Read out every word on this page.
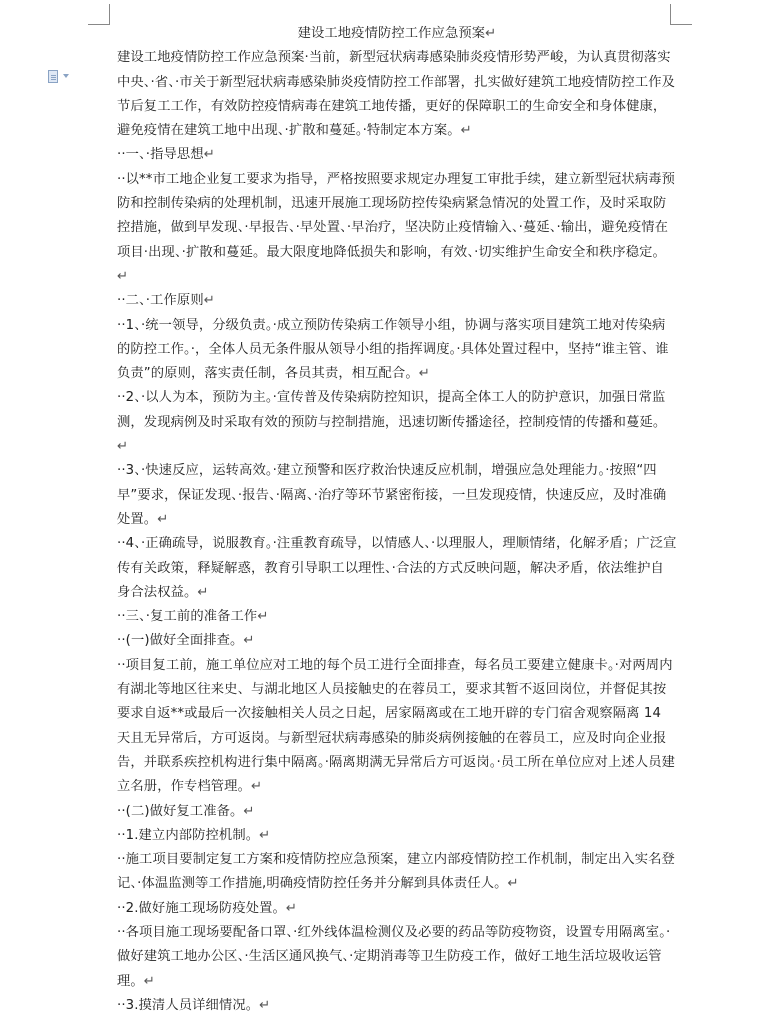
建设工地疫情防控工作应急预案↵

建设工地疫情防控工作应急预案·当前，新型冠状病毒感染肺炎疫情形势严峻，为认真贯彻落实中央、·省、·市关于新型冠状病毒感染肺炎疫情防控工作部署，扎实做好建筑工地疫情防控工作及节后复工工作，有效防控疫情病毒在建筑工地传播，更好的保障职工的生命安全和身体健康，避免疫情在建筑工地中出现、·扩散和蔓延。·特制定本方案。↵

··一、·指导思想↵

··以**市工地企业复工要求为指导，严格按照要求规定办理复工审批手续，建立新型冠状病毒预防和控制传染病的处理机制，迅速开展施工现场防控传染病紧急情况的处置工作，及时采取防控措施，做到早发现、·早报告、·早处置、·早治疗，坚决防止疫情输入、·蔓延、·输出，避免疫情在项目·出现、·扩散和蔓延。最大限度地降低损失和影响，有效、·切实维护生命安全和秩序稳定。↵

··二、·工作原则↵

··1、·统一领导，分级负责。·成立预防传染病工作领导小组，协调与落实项目建筑工地对传染病的防控工作。·，全体人员无条件服从领导小组的指挥调度。·具体处置过程中，坚持“谁主管、谁负责”的原则，落实责任制，各员其责，相互配合。↵

··2、·以人为本，预防为主。·宣传普及传染病防控知识，提高全体工人的防护意识，加强日常监测，发现病例及时采取有效的预防与控制措施，迅速切断传播途径，控制疫情的传播和蔓延。↵

··3、·快速反应，运转高效。·建立预警和医疗救治快速反应机制，增强应急处理能力。·按照“四早”要求，保证发现、·报告、·隔离、·治疗等环节紧密衔接，一旦发现疫情，快速反应，及时准确处置。↵

··4、·正确疏导，说服教育。·注重教育疏导，以情感人、·以理服人，理顺情绪，化解矛盾；广泛宣传有关政策，释疑解惑，教育引导职工以理性、·合法的方式反映问题，解决矛盾，依法维护自身合法权益。↵

··三、·复工前的准备工作↵

··(一)做好全面排查。↵

··项目复工前，施工单位应对工地的每个员工进行全面排查，每名员工要建立健康卡。·对两周内有湖北等地区往来史、与湖北地区人员接触史的在蓉员工，要求其暂不返回岗位，并督促其按要求自返**或最后一次接触相关人员之日起，居家隔离或在工地开辟的专门宿舍观察隔离 14 天且无异常后，方可返岗。与新型冠状病毒感染的肺炎病例接触的在蓉员工，应及时向企业报告，并联系疾控机构进行集中隔离。·隔离期满无异常后方可返岗。·员工所在单位应对上述人员建立名册，作专档管理。↵

··(二)做好复工准备。↵

··1.建立内部防控机制。↵

··施工项目要制定复工方案和疫情防控应急预案，建立内部疫情防控工作机制，制定出入实名登记、·体温监测等工作措施,明确疫情防控任务并分解到具体责任人。↵

··2.做好施工现场防疫处置。↵

··各项目施工现场要配备口罩、·红外线体温检测仪及必要的药品等防疫物资，设置专用隔离室。·做好建筑工地办公区、·生活区通风换气、·定期消毒等卫生防疫工作，做好工地生活垃圾收运管理。↵

··3.摸清人员详细情况。↵
